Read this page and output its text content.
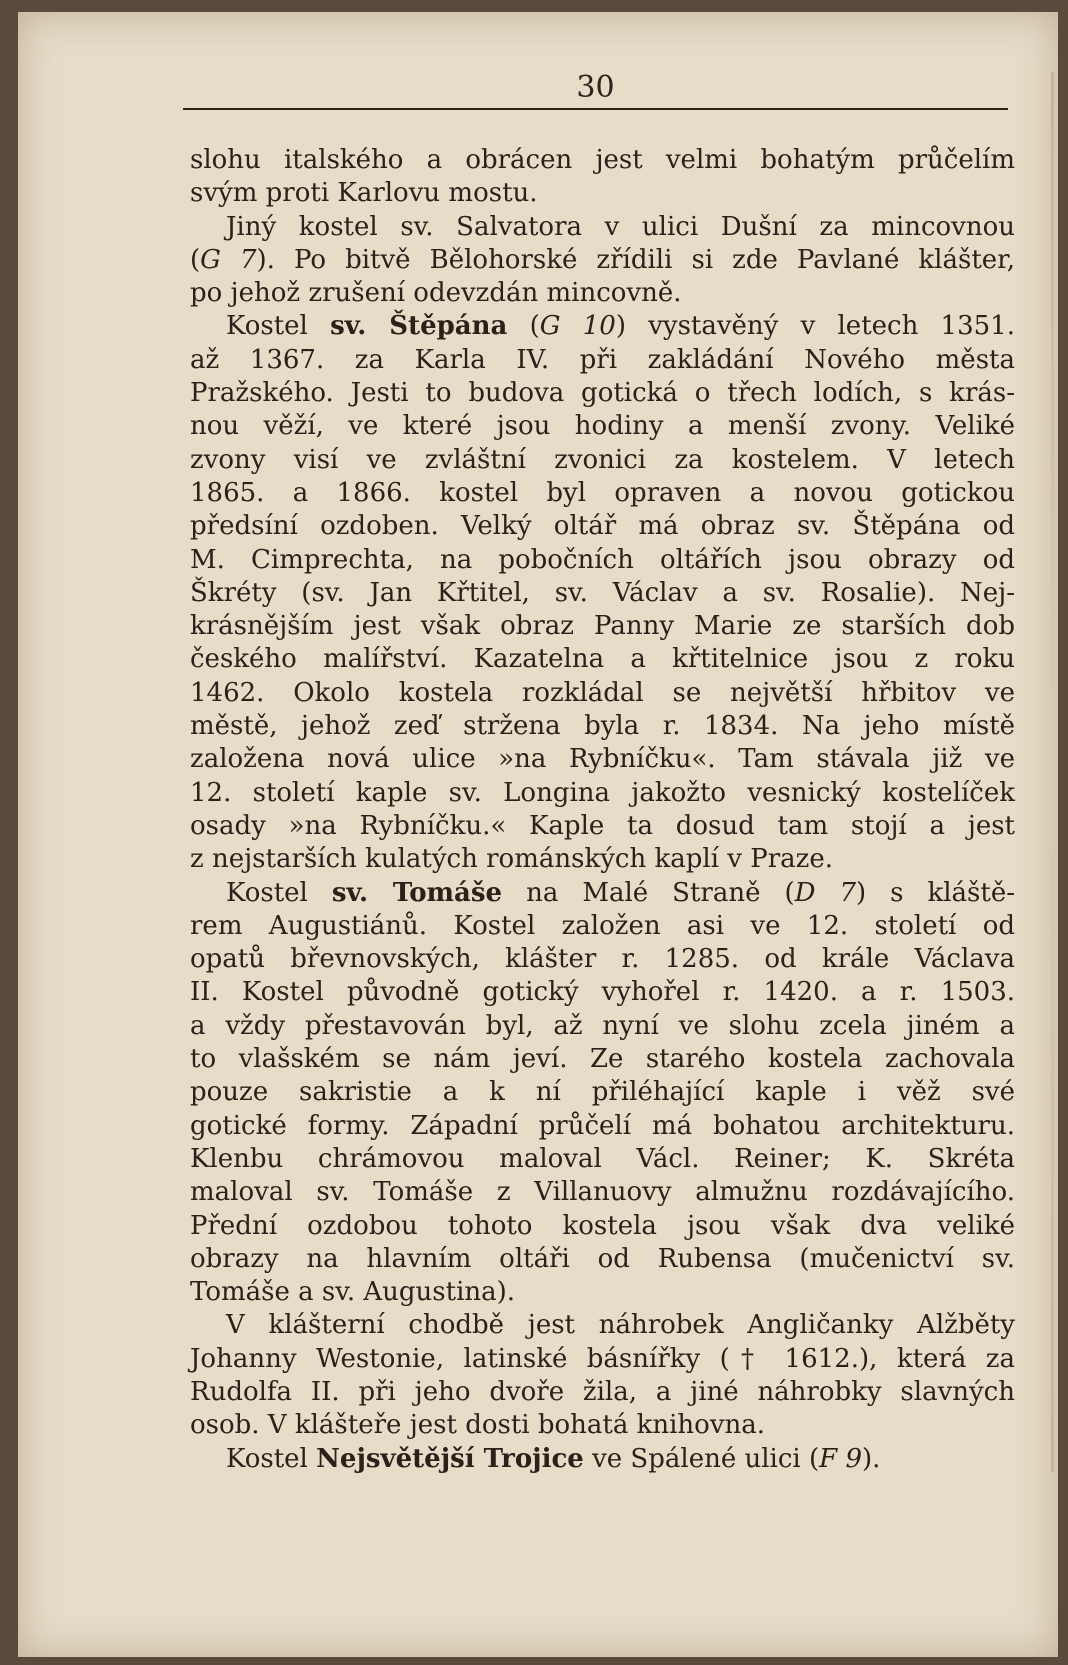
30
slohu italského a obrácen jest velmi bohatým průčelím
svým proti Karlovu mostu.
Jiný kostel sv. Salvatora v ulici Dušní za mincovnou
(G 7). Po bitvě Bělohorské zřídili si zde Pavlané klášter,
po jehož zrušení odevzdán mincovně.
Kostel sv. Štěpána (G 10) vystavěný v letech 1351.
až 1367. za Karla IV. při zakládání Nového města
Pražského. Jesti to budova gotická o třech lodích, s krás-
nou věží, ve které jsou hodiny a menší zvony. Veliké
zvony visí ve zvláštní zvonici za kostelem. V letech
1865. a 1866. kostel byl opraven a novou gotickou
předsíní ozdoben. Velký oltář má obraz sv. Štěpána od
M. Cimprechta, na pobočních oltářích jsou obrazy od
Škréty (sv. Jan Křtitel, sv. Václav a sv. Rosalie). Nej-
krásnějším jest však obraz Panny Marie ze starších dob
českého malířství. Kazatelna a křtitelnice jsou z roku
1462. Okolo kostela rozkládal se největší hřbitov ve
městě, jehož zeď stržena byla r. 1834. Na jeho místě
založena nová ulice »na Rybníčku«. Tam stávala již ve
12. století kaple sv. Longina jakožto vesnický kostelíček
osady »na Rybníčku.« Kaple ta dosud tam stojí a jest
z nejstarších kulatých románských kaplí v Praze.
Kostel sv. Tomáše na Malé Straně (D 7) s kláště-
rem Augustiánů. Kostel založen asi ve 12. století od
opatů břevnovských, klášter r. 1285. od krále Václava
II. Kostel původně gotický vyhořel r. 1420. a r. 1503.
a vždy přestavován byl, až nyní ve slohu zcela jiném a
to vlašském se nám jeví. Ze starého kostela zachovala
pouze sakristie a k ní přiléhající kaple i věž své
gotické formy. Západní průčelí má bohatou architekturu.
Klenbu chrámovou maloval Václ. Reiner; K. Skréta
maloval sv. Tomáše z Villanuovy almužnu rozdávajícího.
Přední ozdobou tohoto kostela jsou však dva veliké
obrazy na hlavním oltáři od Rubensa (mučenictví sv.
Tomáše a sv. Augustina).
V klášterní chodbě jest náhrobek Angličanky Alžběty
Johanny Westonie, latinské básnířky († 1612.), která za
Rudolfa II. při jeho dvoře žila, a jiné náhrobky slavných
osob. V klášteře jest dosti bohatá knihovna.
Kostel Nejsvětější Trojice ve Spálené ulici (F 9).
